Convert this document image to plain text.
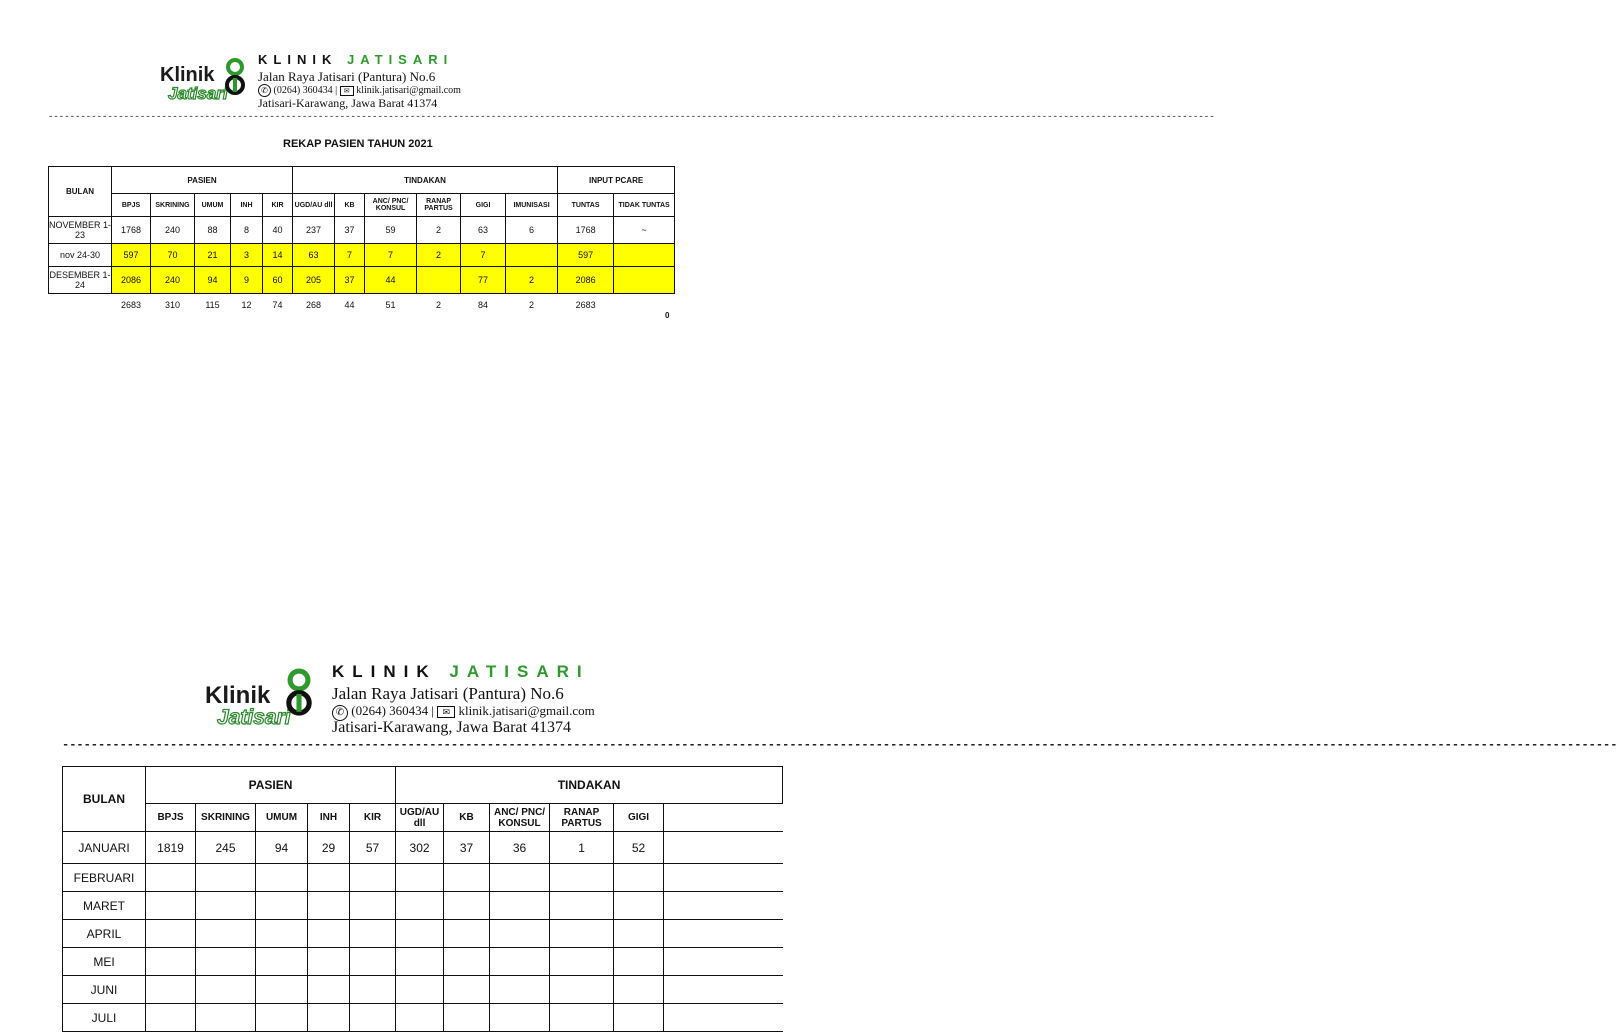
Klinik
Jatisari
KLINIK JATISARI
Jalan Raya Jatisari (Pantura) No.6
✆ (0264) 360434 | ✉ klinik.jatisari@gmail.com
Jatisari-Karawang, Jawa Barat 41374
------------------------------------------------------------------------------------------------------------------------------------------------------------------------------------------------------------------------
REKAP PASIEN TAHUN 2021
BULAN	PASIEN					TINDAKAN						INPUT PCARE	
	BPJS	SKRINING	UMUM	INH	KIR	UGD/AU dll	KB	ANC/ PNC/ KONSUL	RANAP PARTUS	GIGI	IMUNISASI	TUNTAS	TIDAK TUNTAS
NOVEMBER 1-23	1768	240	88	8	40	237	37	59	2	63	6	1768	~
nov 24-30	597	70	21	3	14	63	7	7	2	7		597	
DESEMBER 1-24	2086	240	94	9	60	205	37	44		77	2	2086	
	2683	310	115	12	74	268	44	51	2	84	2	2683	
0
Klinik
Jatisari
KLINIK JATISARI
Jalan Raya Jatisari (Pantura) No.6
✆ (0264) 360434 | ✉ klinik.jatisari@gmail.com
Jatisari-Karawang, Jawa Barat 41374
------------------------------------------------------------------------------------------------------------------------------------------------------------------------------------------------------------------------
BULAN	PASIEN					TINDAKAN					
	BPJS	SKRINING	UMUM	INH	KIR	UGD/AU dll	KB	ANC/ PNC/ KONSUL	RANAP PARTUS	GIGI	
JANUARI	1819	245	94	29	57	302	37	36	1	52	
FEBRUARI											
MARET											
APRIL											
MEI											
JUNI											
JULI											
